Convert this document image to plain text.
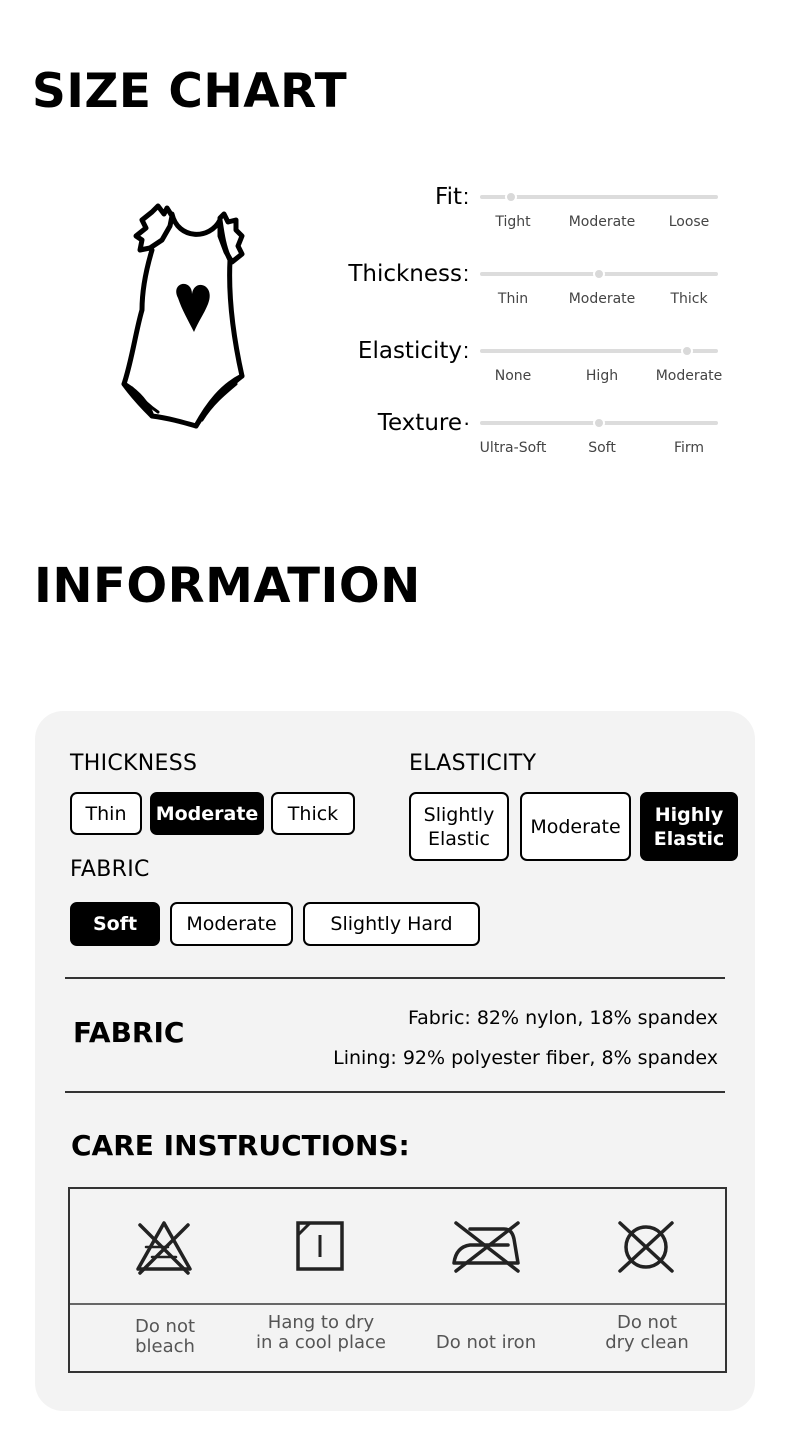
SIZE CHART
Fit :
Tight	Moderate Loose
Thickness :
Thin	Moderate	Thick
Elasticity :
None	High	Moderate
Texture ·
Ultra-Soft	Soft	Firm
INFORMATION
THICKNESS
Thin	Moderate	Thick
ELASTICITY
Slightly Elastic
Moderate
Highly Elastic
FABRIC
Soft	Moderate	Slightly Hard
FABRIC	Fabric: 82% nylon, 18% spandex
Lining: 92% polyester fiber, 8% spandex
CARE INSTRUCTIONS:
Do not
bleach
Hang to dry
in a cool place	Do not iron
Do not
dry clean
